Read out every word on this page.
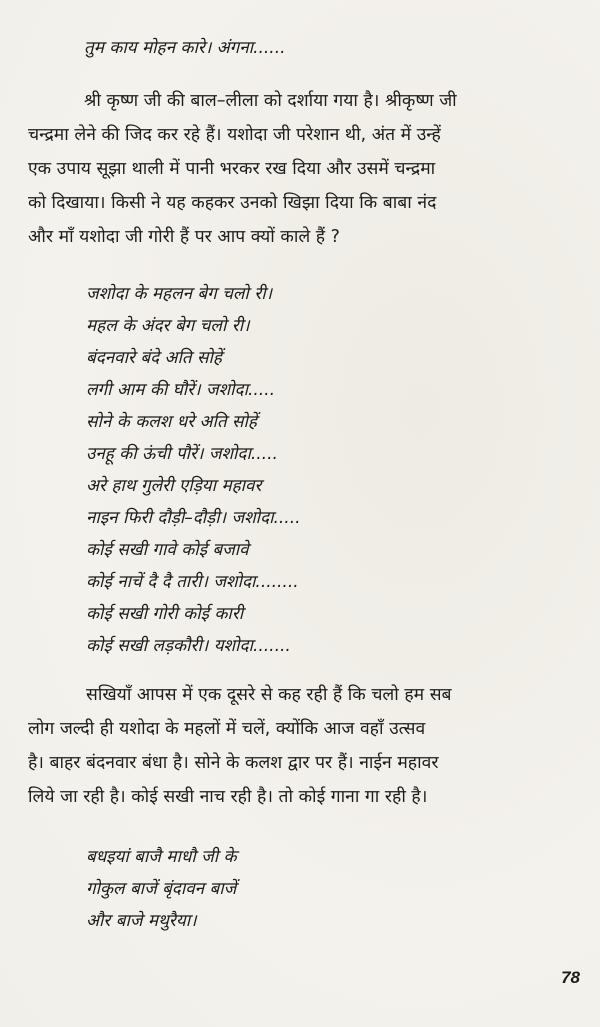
तुम काय मोहन कारे। अंगना......
श्री कृष्ण जी की बाल–लीला को दर्शाया गया है। श्रीकृष्ण जी
चन्द्रमा लेने की जिद कर रहे हैं। यशोदा जी परेशान थी, अंत में उन्हें
एक उपाय सूझा थाली में पानी भरकर रख दिया और उसमें चन्द्रमा
को दिखाया। किसी ने यह कहकर उनको खिझा दिया कि बाबा नंद
और माँ यशोदा जी गोरी हैं पर आप क्यों काले हैं ?
जशोदा के महलन बेग चलो री।
महल के अंदर बेग चलो री।
बंदनवारे बंदे अति सोहें
लगी आम की घौरें। जशोदा.....
सोने के कलश धरे अति सोहें
उनहू की ऊंची पौरें। जशोदा.....
अरे हाथ गुलेरी एड़िया महावर
नाइन फिरी दौड़ी–दौड़ी। जशोदा.....
कोई सखी गावे कोई बजावे
कोई नाचें दै दै तारी। जशोदा........
कोई सखी गोरी कोई कारी
कोई सखी लड़कौरी। यशोदा.......
सखियाँ आपस में एक दूसरे से कह रही हैं कि चलो हम सब
लोग जल्दी ही यशोदा के महलों में चलें, क्योंकि आज वहाँ उत्सव
है। बाहर बंदनवार बंधा है। सोने के कलश द्वार पर हैं। नाईन महावर
लिये जा रही है। कोई सखी नाच रही है। तो कोई गाना गा रही है।
बधइयां बाजै माधौ जी के
गोकुल बाजें बृंदावन बाजें
और बाजे मथुरैया।
78
